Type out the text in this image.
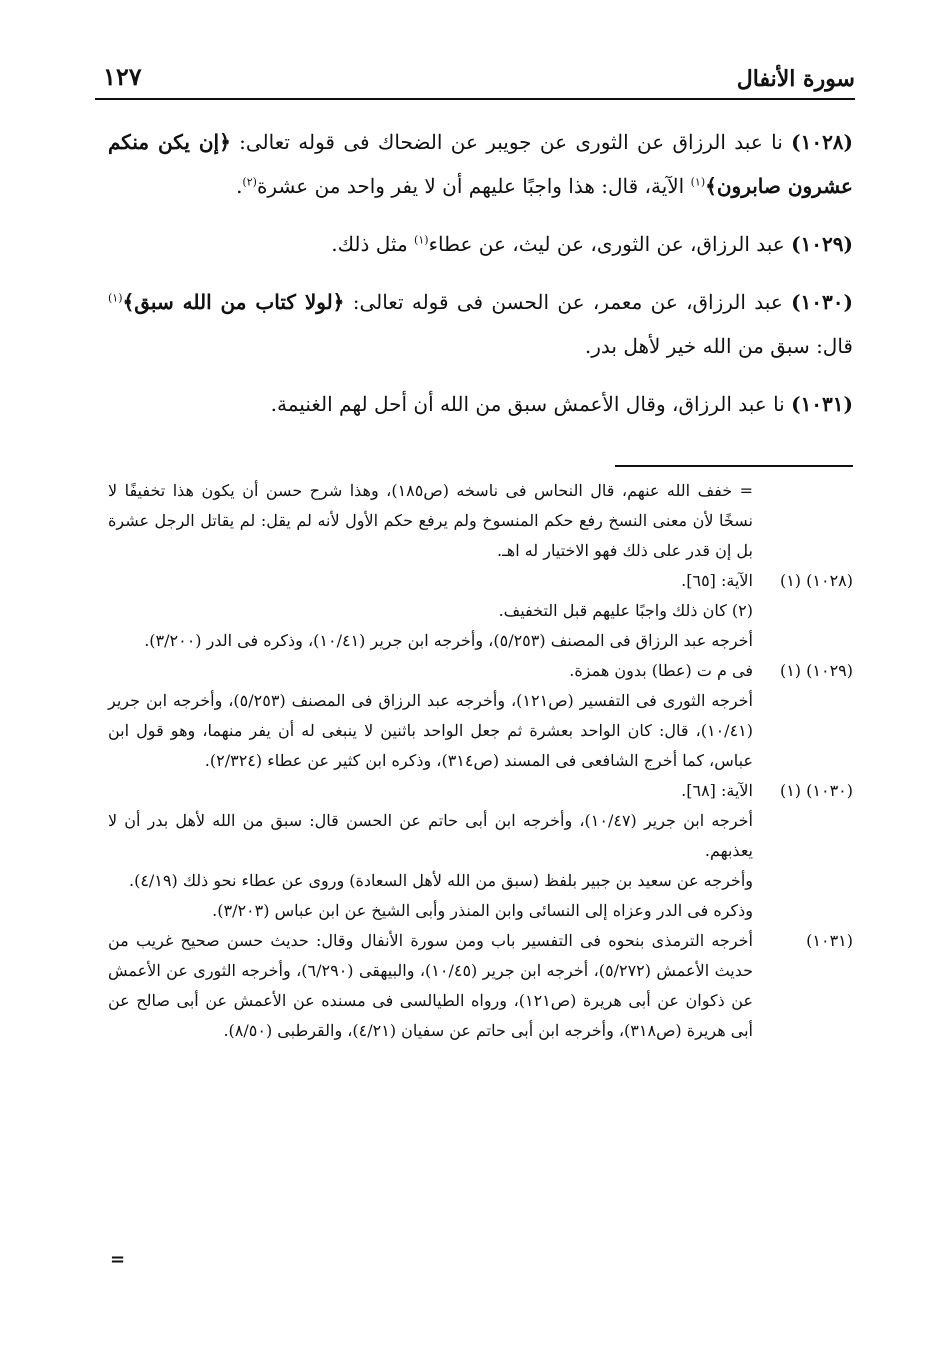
١٢٧	سورة الأنفال

(١٠٢٨) نا عبد الرزاق عن الثورى عن جويبر عن الضحاك فى قوله تعالى: ﴿إن يكن منكم عشرون صابرون﴾$^{(١)}$ الآية، قال: هذا واجبًا عليهم أن لا يفر واحد من عشرة$^{(٢)}$.

(١٠٢٩) عبد الرزاق، عن الثورى، عن ليث، عن عطاء$^{(١)}$ مثل ذلك.

(١٠٣٠) عبد الرزاق، عن معمر، عن الحسن فى قوله تعالى: ﴿لولا كتاب من الله سبق﴾$^{(١)}$ قال: سبق من الله خير لأهل بدر.

(١٠٣١) نا عبد الرزاق، وقال الأعمش سبق من الله أن أحل لهم الغنيمة.

= خفف الله عنهم، قال النحاس فى ناسخه (ص١٨٥)، وهذا شرح حسن أن يكون هذا تخفيفًا لا نسخًا لأن معنى النسخ رفع حكم المنسوخ ولم يرفع حكم الأول لأنه لم يقل: لم يقاتل الرجل عشرة بل إن قدر على ذلك فهو الاختيار له اهـ.
(١٠٢٨) (١)
الآية: [٦٥].
(٢) كان ذلك واجبًا عليهم قبل التخفيف.
أخرجه عبد الرزاق فى المصنف (٥/٢٥٣)، وأخرجه ابن جرير (١٠/٤١)، وذكره فى الدر (٣/٢٠٠).
(١٠٢٩) (١)
فى م ت (عطا) بدون همزة.
أخرجه الثورى فى التفسير (ص١٢١)، وأخرجه عبد الرزاق فى المصنف (٥/٢٥٣)، وأخرجه ابن جرير (١٠/٤١)، قال: كان الواحد بعشرة ثم جعل الواحد باثنين لا ينبغى له أن يفر منهما، وهو قول ابن عباس، كما أخرج الشافعى فى المسند (ص٣١٤)، وذكره ابن كثير عن عطاء (٢/٣٢٤).
(١٠٣٠) (١)
الآية: [٦٨].
أخرجه ابن جرير (١٠/٤٧)، وأخرجه ابن أبى حاتم عن الحسن قال: سبق من الله لأهل بدر أن لا يعذبهم.
وأخرجه عن سعيد بن جبير بلفظ (سبق من الله لأهل السعادة) وروى عن عطاء نحو ذلك (٤/١٩).
وذكره فى الدر وعزاه إلى النسائى وابن المنذر وأبى الشيخ عن ابن عباس (٣/٢٠٣).
(١٠٣١)
أخرجه الترمذى بنحوه فى التفسير باب ومن سورة الأنفال وقال: حديث حسن صحيح غريب من حديث الأعمش (٥/٢٧٢)، أخرجه ابن جرير (١٠/٤٥)، والبيهقى (٦/٢٩٠)، وأخرجه الثورى عن الأعمش عن ذكوان عن أبى هريرة (ص١٢١)، ورواه الطيالسى فى مسنده عن الأعمش عن أبى صالح عن أبى هريرة (ص٣١٨)، وأخرجه ابن أبى حاتم عن سفيان (٤/٢١)، والقرطبى (٨/٥٠).
=
